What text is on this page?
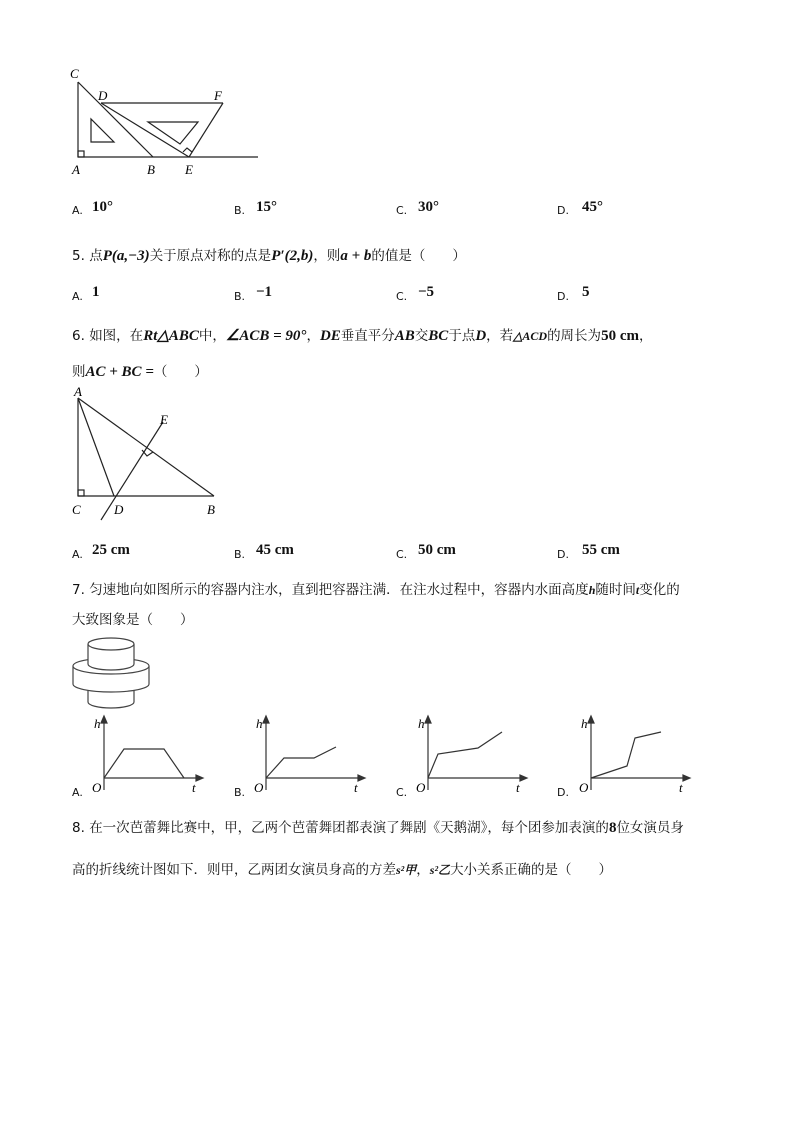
C
D	F
A	B E
A. 10°	B. 15°	C. 30°	D. 45°
5. 点P(a,−3)关于原点对称的点是P′(2,b)，则a + b的值是（　　）
A. 1	B. −1	C. −5	D. 5
6. 如图，在Rt△ABC中，∠ACB = 90°，DE垂直平分AB交BC于点D，若△ACD的周长为50 cm，
则AC + BC =（　　）
A
E
C	D	B
A. 25 cm	B. 45 cm	C. 50 cm	D. 55 cm
7. 匀速地向如图所示的容器内注水，直到把容器注满．在注水过程中，容器内水面高度h随时间t变化的
大致图象是（　　）
h
O	t
A.
h
O	t
B.
h
O	t
C.
h
O	t
D.
8. 在一次芭蕾舞比赛中，甲，乙两个芭蕾舞团都表演了舞剧《天鹅湖》，每个团参加表演的8位女演员身
高的折线统计图如下．则甲，乙两团女演员身高的方差s²甲，s²乙大小关系正确的是（　　）
